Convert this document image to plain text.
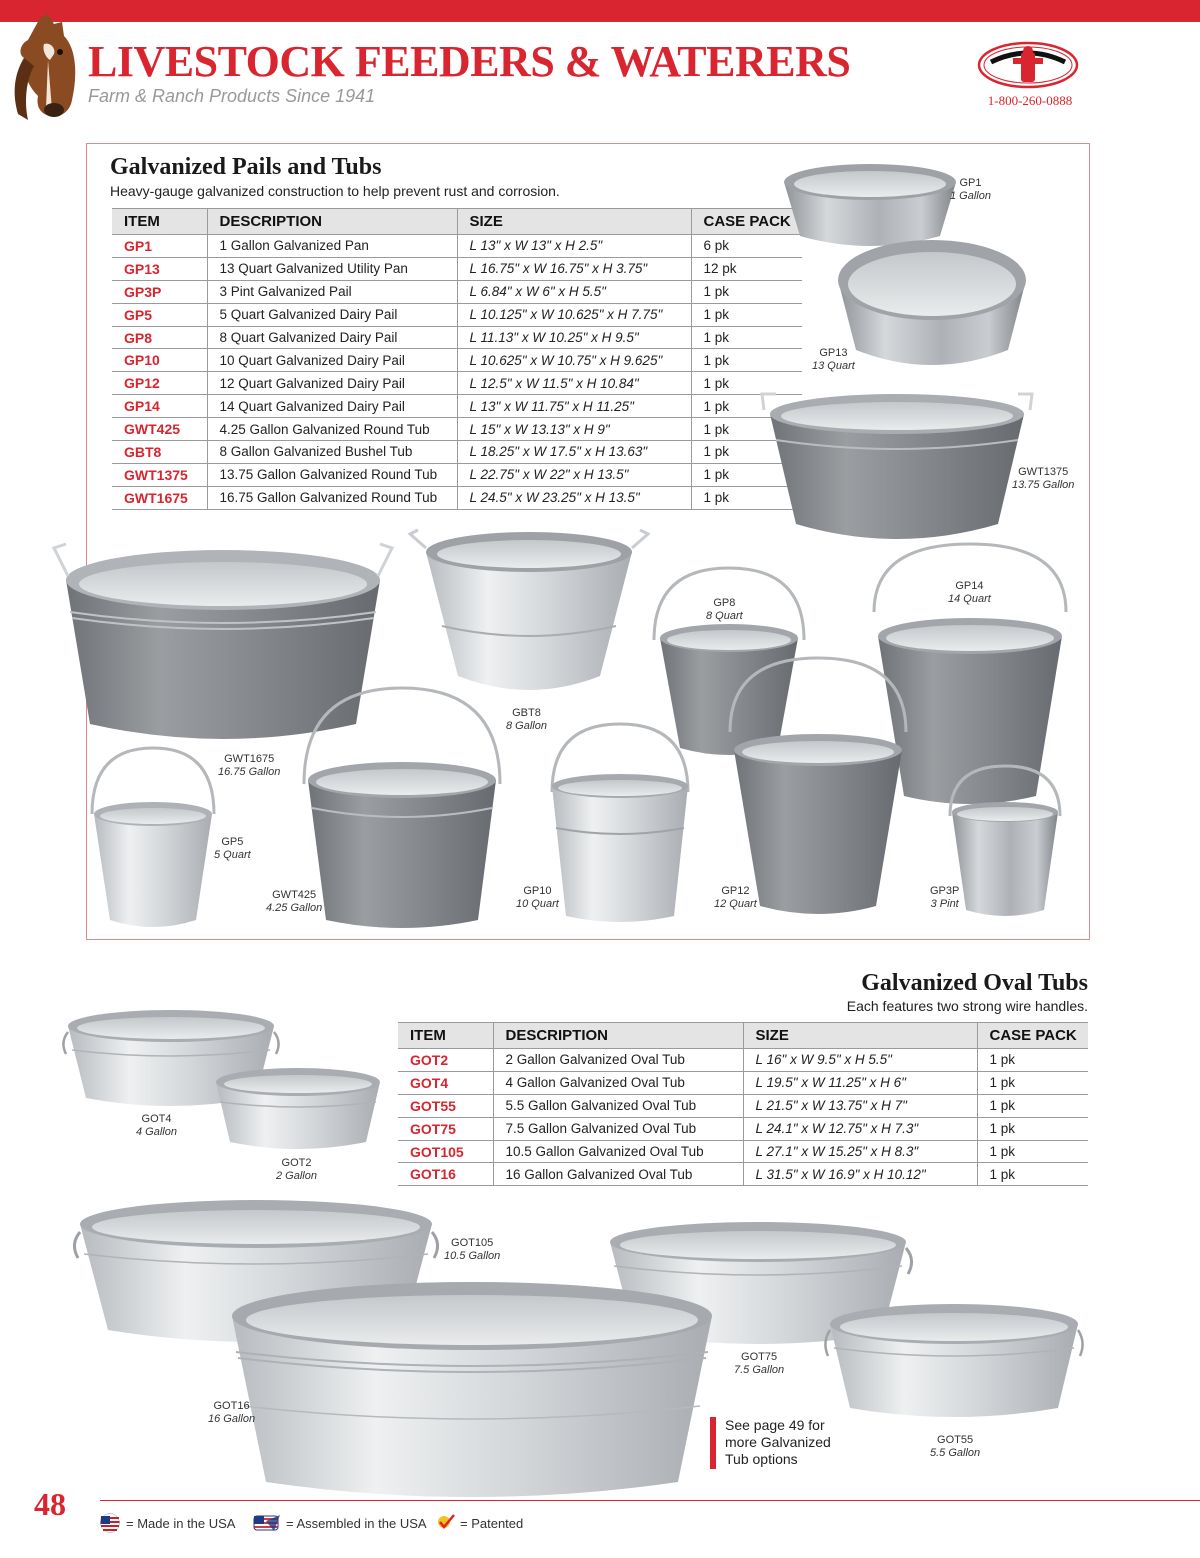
LIVESTOCK FEEDERS & WATERERS
Farm & Ranch Products Since 1941	1-800-260-0888
Galvanized Pails and Tubs
Heavy-gauge galvanized construction to help prevent rust and corrosion.
ITEM	DESCRIPTION	SIZE	CASE PACK
GP1	1 Gallon Galvanized Pan	L 13" x W 13" x H 2.5"	6 pk
GP13	13 Quart Galvanized Utility Pan	L 16.75" x W 16.75" x H 3.75"	12 pk
GP3P	3 Pint Galvanized Pail	L 6.84" x W 6" x H 5.5"	1 pk
GP5	5 Quart Galvanized Dairy Pail	L 10.125" x W 10.625" x H 7.75"	1 pk
GP8	8 Quart Galvanized Dairy Pail	L 11.13" x W 10.25" x H 9.5"	1 pk
GP10	10 Quart Galvanized Dairy Pail	L 10.625" x W 10.75" x H 9.625"	1 pk
GP12	12 Quart Galvanized Dairy Pail	L 12.5" x W 11.5" x H 10.84"	1 pk
GP14	14 Quart Galvanized Dairy Pail	L 13" x W 11.75" x H 11.25"	1 pk
GWT425	4.25 Gallon Galvanized Round Tub	L 15" x W 13.13" x H 9"	1 pk
GBT8	8 Gallon Galvanized Bushel Tub	L 18.25" x W 17.5" x H 13.63"	1 pk
GWT1375	13.75 Gallon Galvanized Round Tub	L 22.75" x W 22" x H 13.5"	1 pk
GWT1675	16.75 Gallon Galvanized Round Tub	L 24.5" x W 23.25" x H 13.5"	1 pk
GP1
1 Gallon
GP13
13 Quart
GWT1375
13.75 Gallon
GBT8
8 Gallon
GP8
8 Quart
GP14
14 Quart
GWT1675
16.75 Gallon
GP5
5 Quart
GWT425
4.25 Gallon
GP10
10 Quart
GP12
12 Quart
GP3P
3 Pint
Galvanized Oval Tubs
Each features two strong wire handles.
ITEM	DESCRIPTION	SIZE	CASE PACK
GOT2	2 Gallon Galvanized Oval Tub	L 16" x W 9.5" x H 5.5"	1 pk
GOT4	4 Gallon Galvanized Oval Tub	L 19.5" x W 11.25" x H 6"	1 pk
GOT55	5.5 Gallon Galvanized Oval Tub	L 21.5" x W 13.75" x H 7"	1 pk
GOT75	7.5 Gallon Galvanized Oval Tub	L 24.1" x W 12.75" x H 7.3"	1 pk
GOT105	10.5 Gallon Galvanized Oval Tub	L 27.1" x W 15.25" x H 8.3"	1 pk
GOT16	16 Gallon Galvanized Oval Tub	L 31.5" x W 16.9" x H 10.12"	1 pk
GOT4
4 Gallon
GOT2
2 Gallon
GOT105
10.5 Gallon
GOT75
7.5 Gallon
GOT16
16 Gallon
GOT55
5.5 Gallon
See page 49 for more Galvanized Tub options
48
= Made in the USA	= Assembled in the USA	= Patented
